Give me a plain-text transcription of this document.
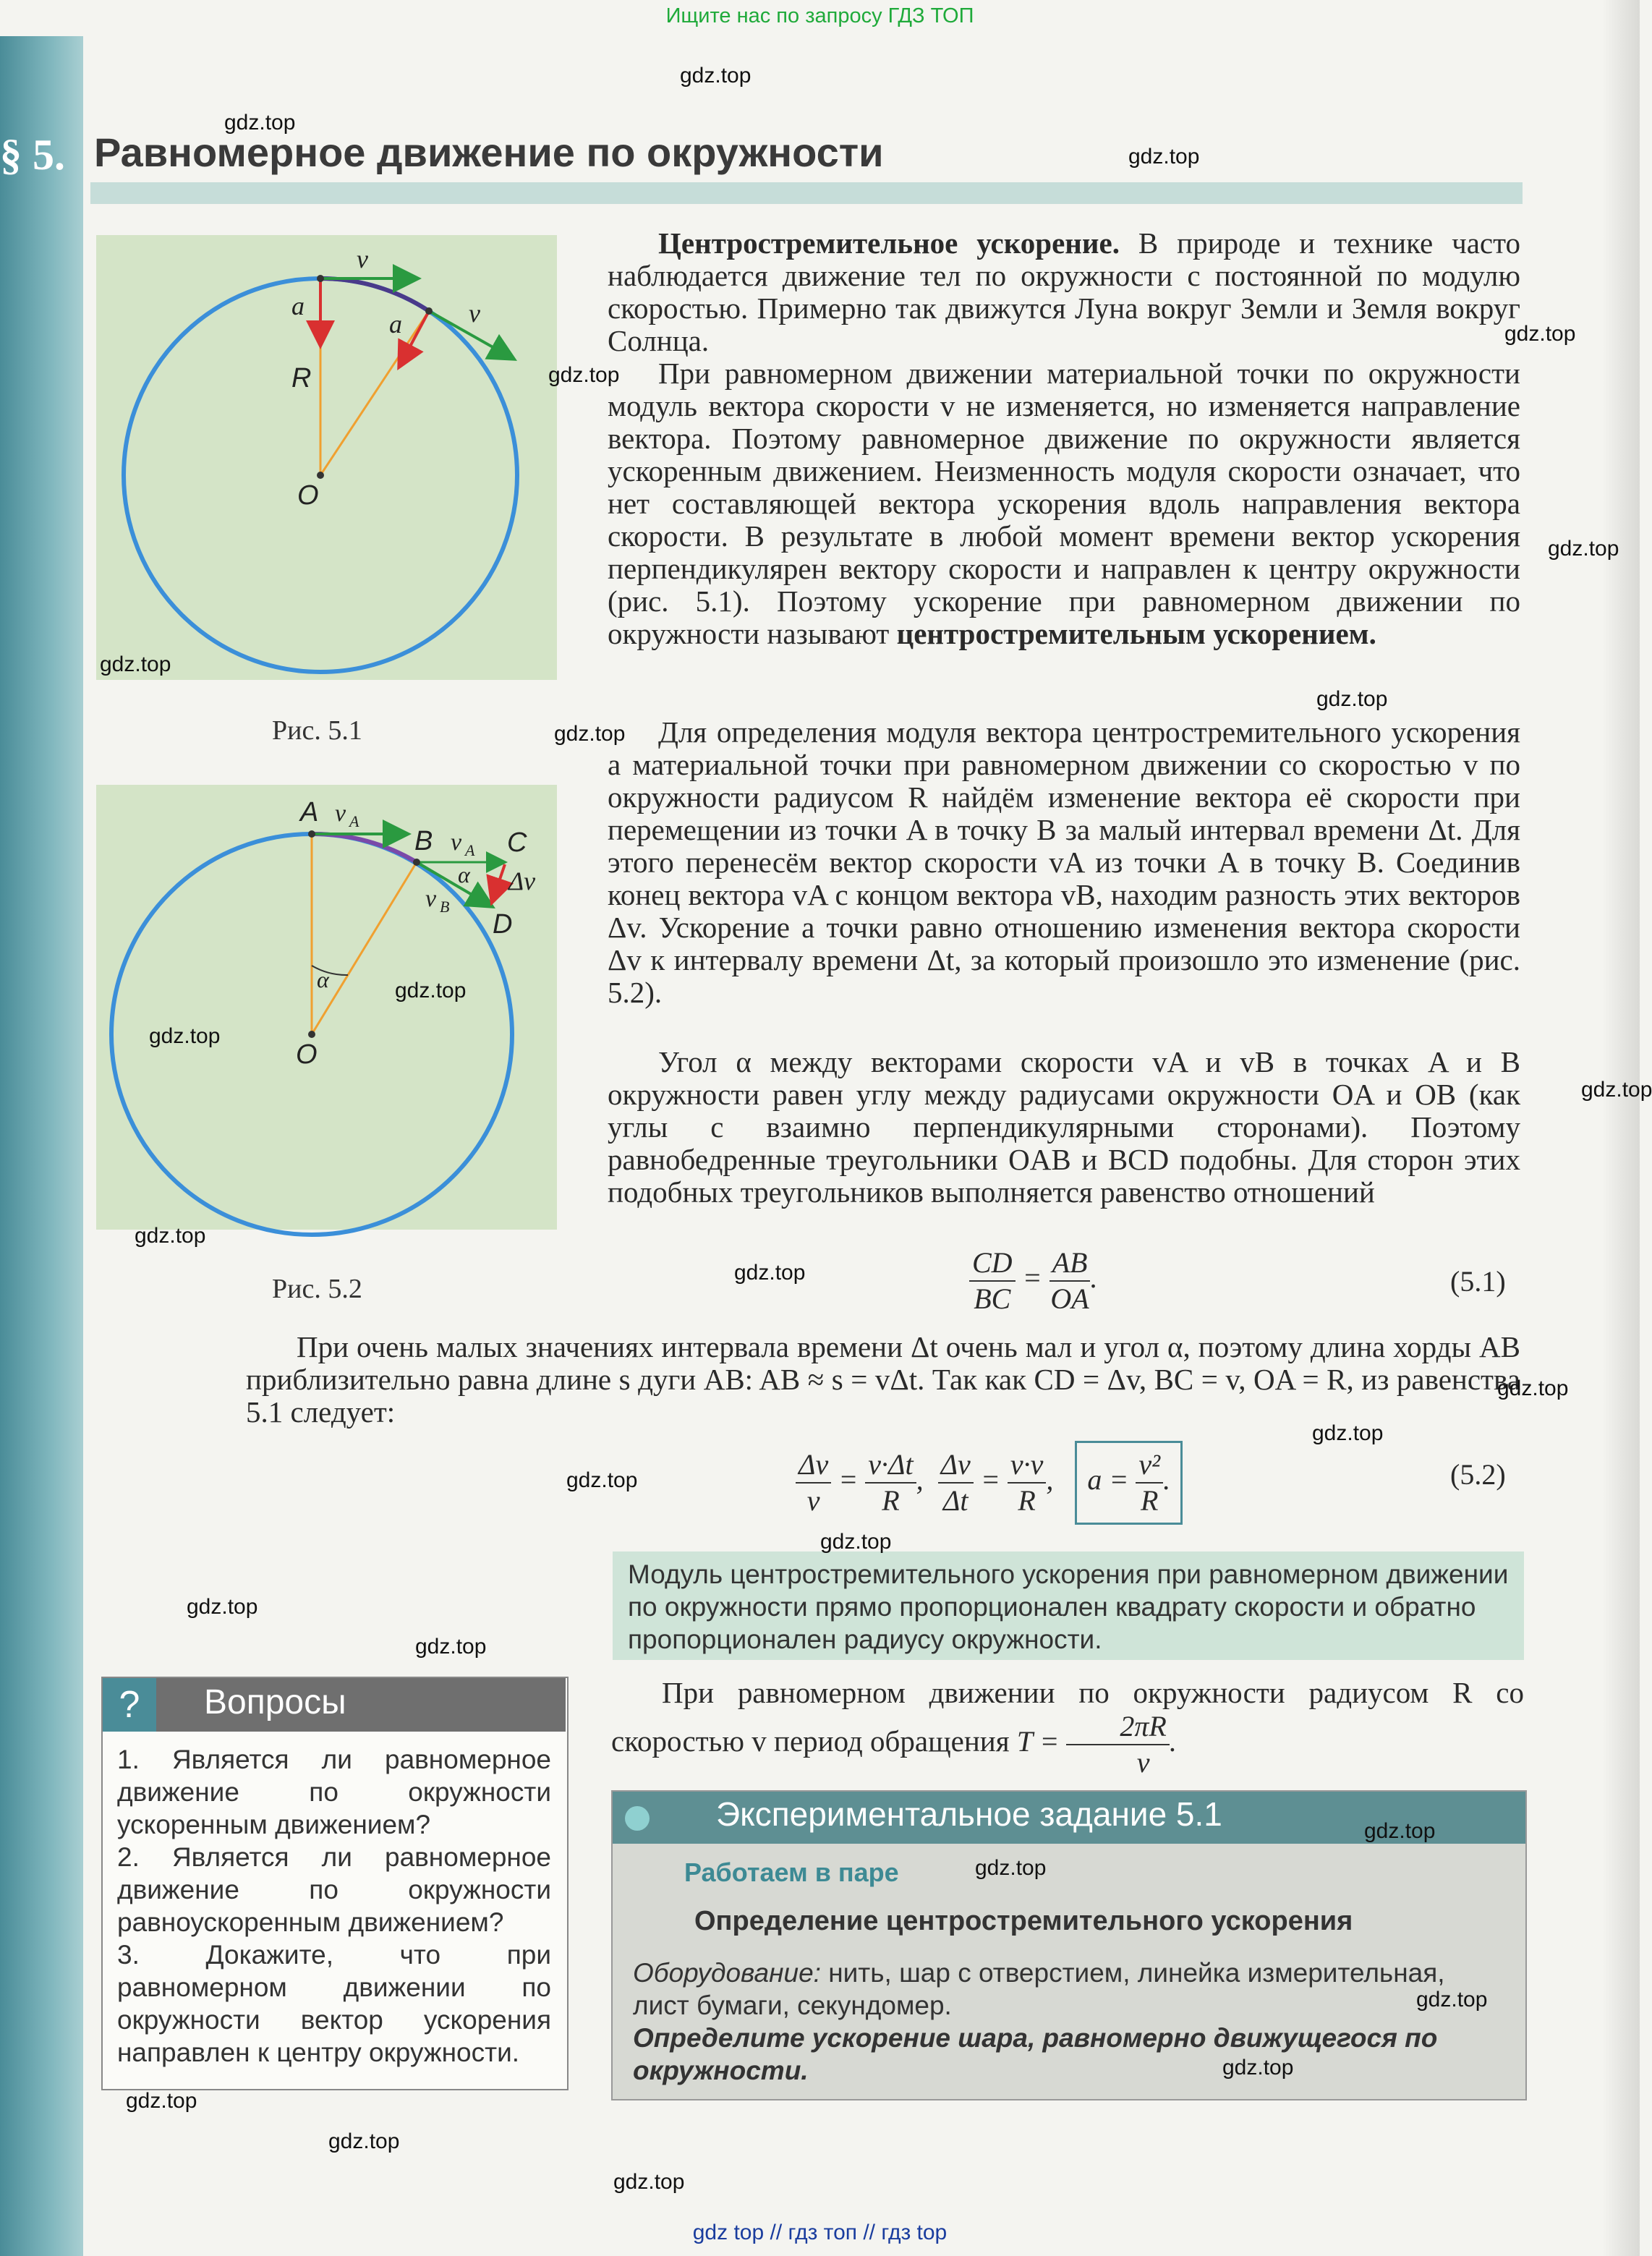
Ищите нас по запросу ГДЗ ТОП
gdz top // гдз топ // гдз top
§ 5. Равномерное движение по окружности
v
v
a
a
R
O
Рис. 5.1
A v A
B v A C
α Δv
v B
D
α
O
Рис. 5.2
Центростремительное ускорение. В природе и технике часто наблюдается движение тел по окружности с постоянной по модулю скоростью. Примерно так движутся Луна вокруг Земли и Земля вокруг Солнца.
При равномерном движении материальной точки по окружности модуль вектора скорости v не изменяется, но изменяется направление вектора. Поэтому равномерное движение по окружности является ускоренным движением. Неизменность модуля скорости означает, что нет составляющей вектора ускорения вдоль направления вектора скорости. В результате в любой момент времени вектор ускорения перпендикулярен вектору скорости и направлен к центру окружности (рис. 5.1). Поэтому ускорение при равномерном движении по окружности называют центростремительным ускорением.
Для определения модуля вектора центростремительного ускорения a материальной точки при равномерном движении со скоростью v по окружности радиусом R найдём изменение вектора её скорости при перемещении из точки A в точку B за малый интервал времени Δt. Для этого перенесём вектор скорости vA из точки A в точку B. Соединив конец вектора vA с концом вектора vB, находим разность этих векторов Δv. Ускорение a точки равно отношению изменения вектора скорости Δv к интервалу времени Δt, за который произошло это изменение (рис. 5.2).
Угол α между векторами скорости vA и vB в точках A и B окружности равен углу между радиусами окружности OA и OB (как углы с взаимно перпендикулярными сторонами). Поэтому равнобедренные треугольники OAB и BCD подобны. Для сторон этих подобных треугольников выполняется равенство отношений
$\frac{CD}{BC} = \frac{AB}{OA}$ .	(5.1)
При очень малых значениях интервала времени Δt очень мал и угол α, поэтому длина хорды AB приблизительно равна длине s дуги AB: AB ≈ s = vΔt. Так как CD = Δv, BC = v, OA = R, из равенства 5.1 следует:
$\frac{\Delta v}{v} = \frac{v\cdot\Delta t}{R}$ , $\frac{\Delta v}{\Delta t} = \frac{v\cdot v}{R}$ ,   $a = \frac{\text{v²}}{R}$ .	(5.2)
Модуль центростремительного ускорения при равномерном движении по окружности прямо пропорционален квадрату скорости и обратно пропорционален радиусу окружности.
При равномерном движении по окружности радиусом R со скоростью v период обращения $T = \frac{2\pi R}{v}$ .
?	Вопросы
1. Является ли равномерное движение по окружности ускоренным движением?
2. Является ли равномерное движение по окружности равноускоренным движением?
3. Докажите, что при равномерном движении по окружности вектор ускорения направлен к центру окружности.
Экспериментальное задание 5.1
Работаем в паре
Определение центростремительного ускорения
Оборудование: нить, шар с отверстием, линейка измерительная, лист бумаги, секундомер.
Определите ускорение шара, равномерно движущегося по окружности.
gdz.top
gdz.top
gdz.top
gdz.top
gdz.top
gdz.top
gdz.top
gdz.top
gdz.top
gdz.top
gdz.top
gdz.top
gdz.top
gdz.top
gdz.top
gdz.top
gdz.top
gdz.top
gdz.top
gdz.top
gdz.top
gdz.top
gdz.top
gdz.top
gdz.top
gdz.top
gdz.top
